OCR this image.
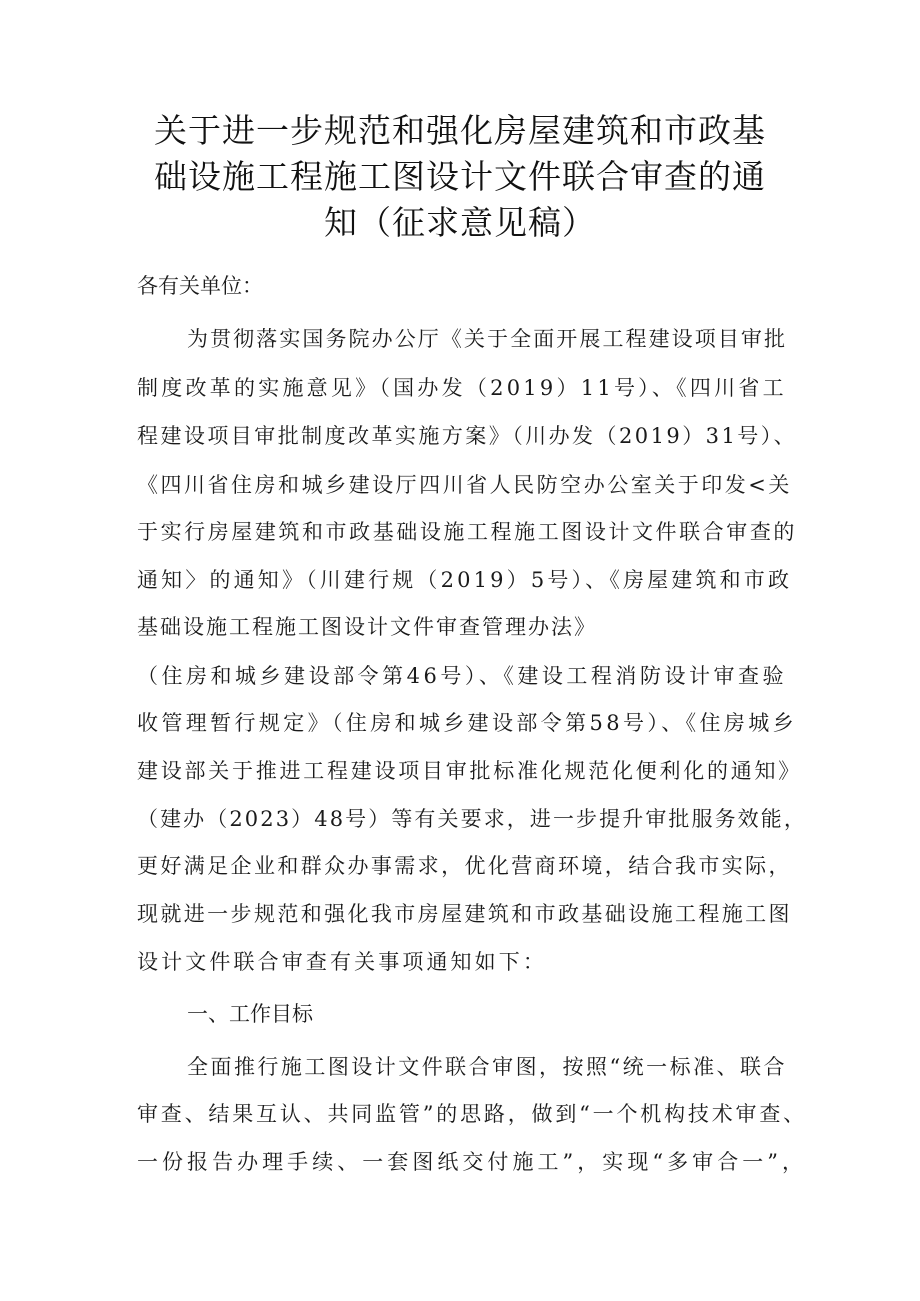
关于进一步规范和强化房屋建筑和市政基
础设施工程施工图设计文件联合审查的通
知（征求意见稿）
各有关单位：
为贯彻落实国务院办公厅《关于全面开展工程建设项目审批
制度改革的实施意见》（国办发（2019）11号）、《四川省工
程建设项目审批制度改革实施方案》（川办发（2019）31号）、
《四川省住房和城乡建设厅四川省人民防空办公室关于印发<关
于实行房屋建筑和市政基础设施工程施工图设计文件联合审查的
通知〉的通知》（川建行规（2019）5号）、《房屋建筑和市政
基础设施工程施工图设计文件审查管理办法》
（住房和城乡建设部令第46号）、《建设工程消防设计审查验
收管理暂行规定》（住房和城乡建设部令第58号）、《住房城乡
建设部关于推进工程建设项目审批标准化规范化便利化的通知》
（建办（2023）48号）等有关要求，进一步提升审批服务效能，
更好满足企业和群众办事需求，优化营商环境，结合我市实际，
现就进一步规范和强化我市房屋建筑和市政基础设施工程施工图
设计文件联合审查有关事项通知如下：
一、工作目标
全面推行施工图设计文件联合审图，按照“统一标准、联合
审查、结果互认、共同监管”的思路，做到“一个机构技术审查、
一份报告办理手续、一套图纸交付施工”，实现“多审合一”，
